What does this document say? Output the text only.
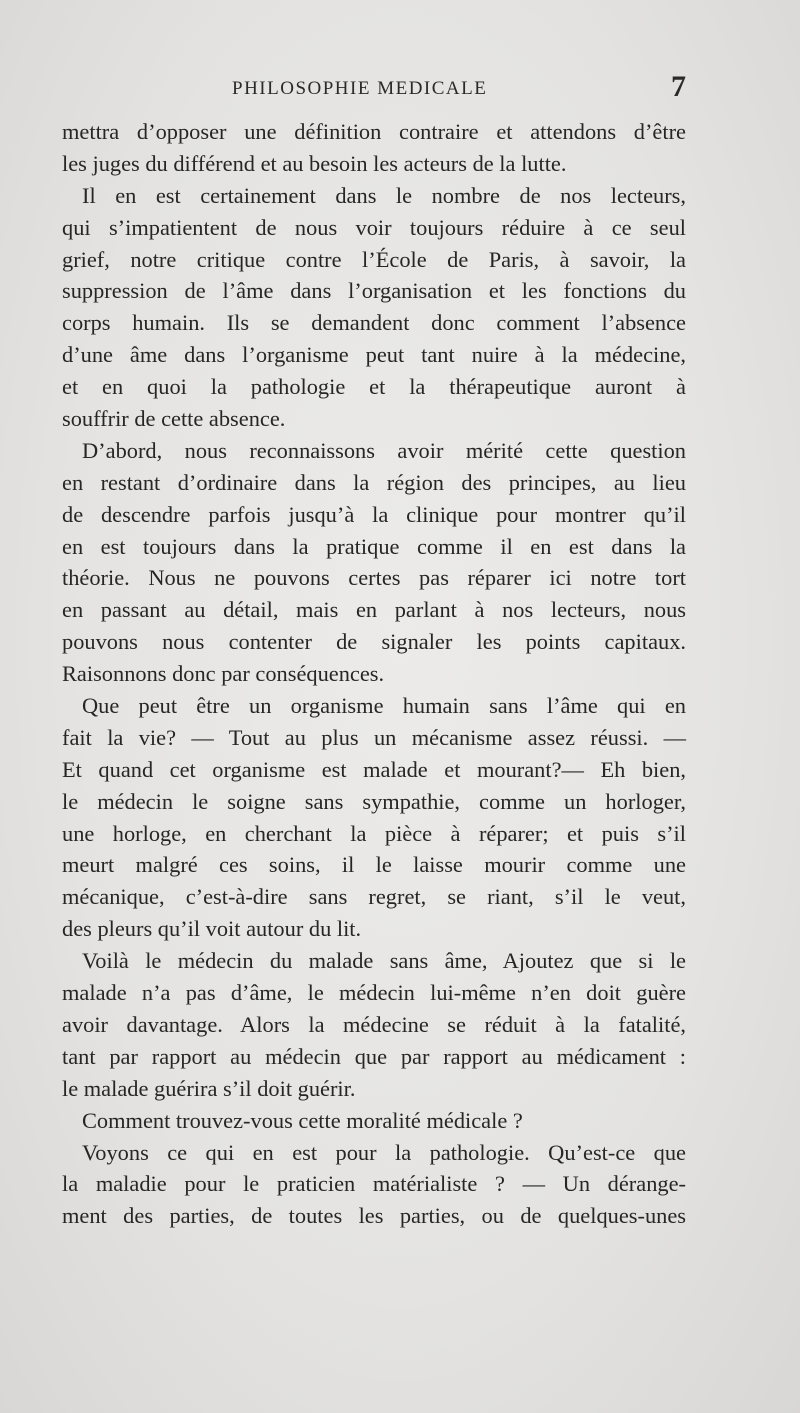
PHILOSOPHIE MEDICALE	7
mettra d’opposer une définition contraire et attendons d’être
les juges du différend et au besoin les acteurs de la lutte.
Il en est certainement dans le nombre de nos lecteurs,
qui s’impatientent de nous voir toujours réduire à ce seul
grief, notre critique contre l’École de Paris, à savoir, la
suppression de l’âme dans l’organisation et les fonctions du
corps humain. Ils se demandent donc comment l’absence
d’une âme dans l’organisme peut tant nuire à la médecine,
et en quoi la pathologie et la thérapeutique auront à
souffrir de cette absence.
D’abord, nous reconnaissons avoir mérité cette question
en restant d’ordinaire dans la région des principes, au lieu
de descendre parfois jusqu’à la clinique pour montrer qu’il
en est toujours dans la pratique comme il en est dans la
théorie. Nous ne pouvons certes pas réparer ici notre tort
en passant au détail, mais en parlant à nos lecteurs, nous
pouvons nous contenter de signaler les points capitaux.
Raisonnons donc par conséquences.
Que peut être un organisme humain sans l’âme qui en
fait la vie? — Tout au plus un mécanisme assez réussi. —
Et quand cet organisme est malade et mourant?— Eh bien,
le médecin le soigne sans sympathie, comme un horloger,
une horloge, en cherchant la pièce à réparer; et puis s’il
meurt malgré ces soins, il le laisse mourir comme une
mécanique, c’est-à-dire sans regret, se riant, s’il le veut,
des pleurs qu’il voit autour du lit.
Voilà le médecin du malade sans âme, Ajoutez que si le
malade n’a pas d’âme, le médecin lui-même n’en doit guère
avoir davantage. Alors la médecine se réduit à la fatalité,
tant par rapport au médecin que par rapport au médicament :
le malade guérira s’il doit guérir.
Comment trouvez-vous cette moralité médicale ?
Voyons ce qui en est pour la pathologie. Qu’est-ce que
la maladie pour le praticien matérialiste ? — Un dérange-
ment des parties, de toutes les parties, ou de quelques-unes
